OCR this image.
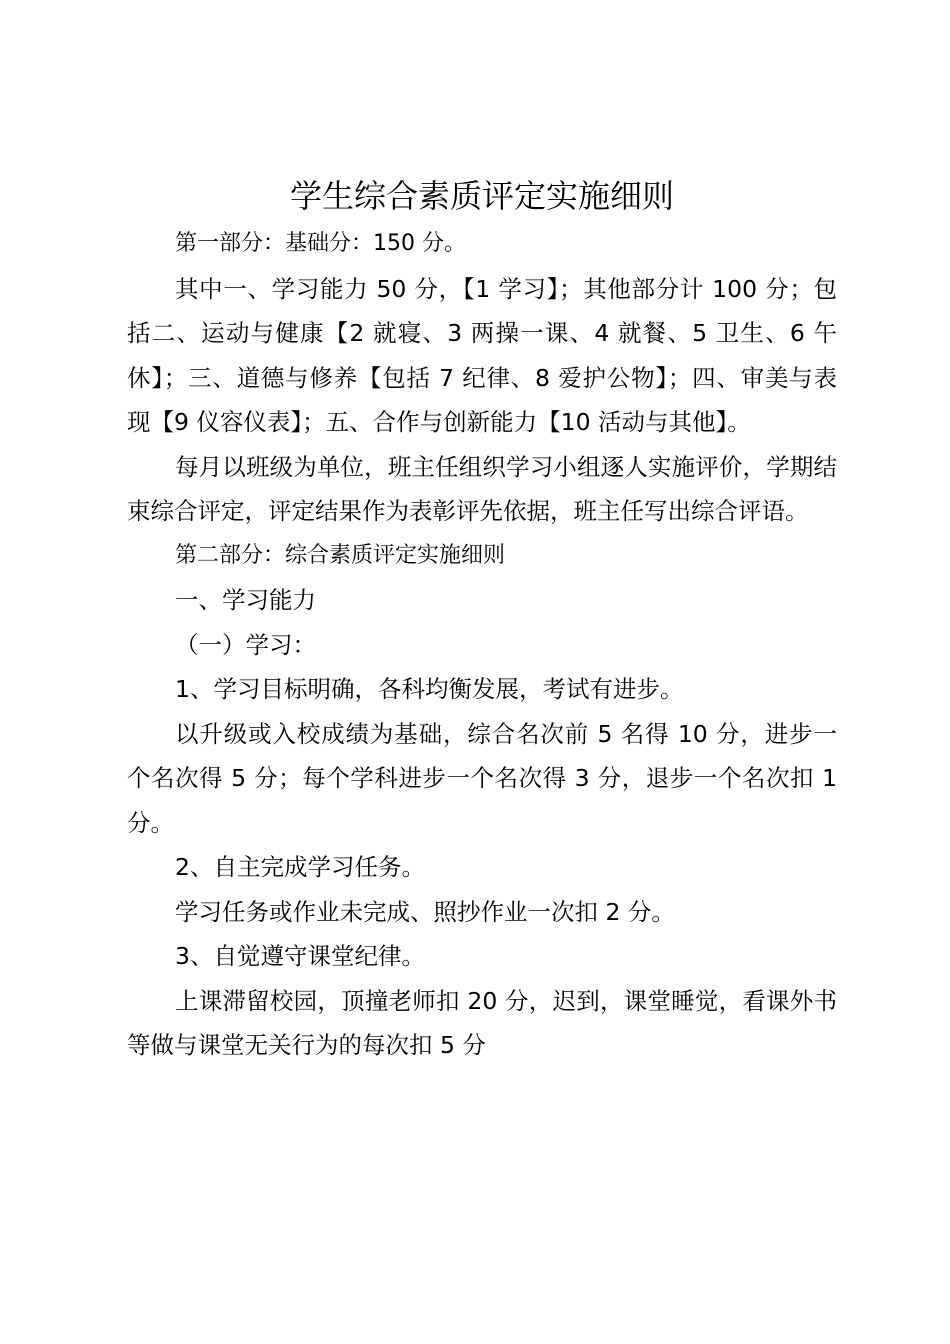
学生综合素质评定实施细则

第一部分：基础分：150 分。

其中一、学习能力 50 分，【1 学习】；其他部分计 100 分；包括二、运动与健康【2 就寝、3 两操一课、4 就餐、5 卫生、6 午休】；三、道德与修养【包括 7 纪律、8 爱护公物】；四、审美与表现【9 仪容仪表】；五、合作与创新能力【10 活动与其他】。

每月以班级为单位，班主任组织学习小组逐人实施评价，学期结束综合评定，评定结果作为表彰评先依据，班主任写出综合评语。

第二部分：综合素质评定实施细则

一、学习能力

（一）学习：

1、学习目标明确，各科均衡发展，考试有进步。

以升级或入校成绩为基础，综合名次前 5 名得 10 分，进步一个名次得 5 分；每个学科进步一个名次得 3 分，退步一个名次扣 1 分。

2、自主完成学习任务。

学习任务或作业未完成、照抄作业一次扣 2 分。

3、自觉遵守课堂纪律。

上课滞留校园，顶撞老师扣 20 分，迟到，课堂睡觉，看课外书等做与课堂无关行为的每次扣 5 分
